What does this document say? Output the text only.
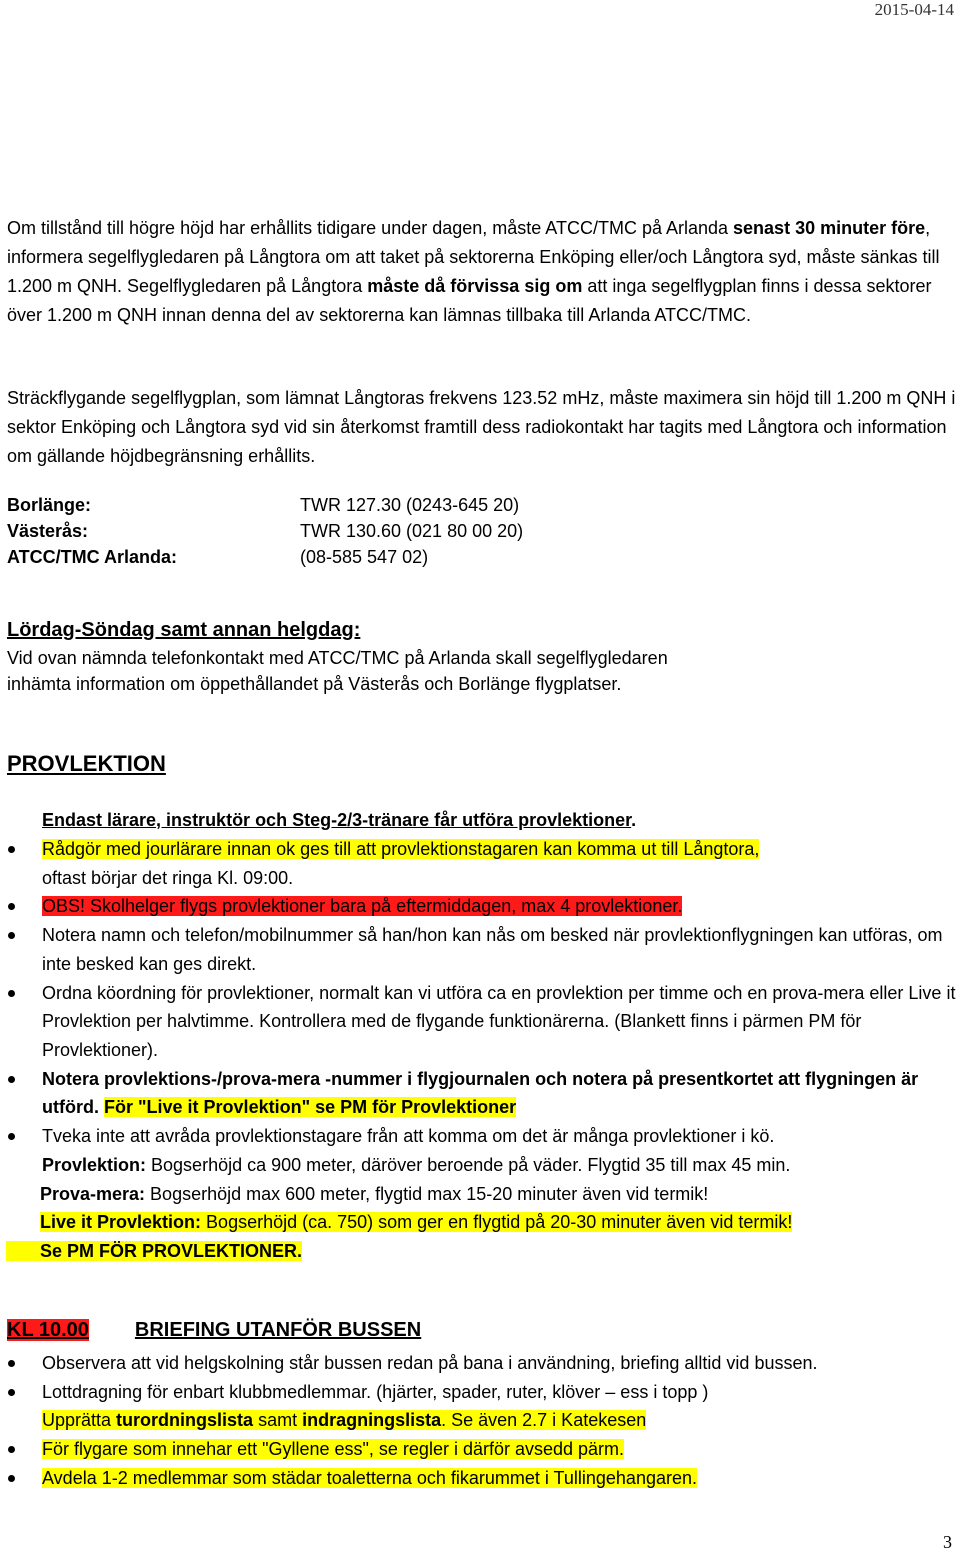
2015-04-14
Om tillstånd till högre höjd har erhållits tidigare under dagen, måste ATCC/TMC på Arlanda senast 30 minuter före, informera segelflygledaren på Långtora om att taket på sektorerna Enköping eller/och Långtora syd, måste sänkas till 1.200 m QNH. Segelflygledaren på Långtora måste då förvissa sig om att inga segelflygplan finns i dessa sektorer över 1.200 m QNH innan denna del av sektorerna kan lämnas tillbaka till Arlanda ATCC/TMC.
Sträckflygande segelflygplan, som lämnat Långtoras frekvens 123.52 mHz, måste maximera sin höjd till 1.200 m QNH i sektor Enköping och Långtora syd vid sin återkomst framtill dess radiokontakt har tagits med Långtora och information om gällande höjdbegränsning erhållits.
Borlänge:	TWR 127.30 (0243-645 20)
Västerås:	TWR 130.60 (021 80 00 20)
ATCC/TMC Arlanda:	(08-585 547 02)
Lördag-Söndag samt annan helgdag:
Vid ovan nämnda telefonkontakt med ATCC/TMC på Arlanda skall segelflygledaren
inhämta information om öppethållandet på Västerås och Borlänge flygplatser.
PROVLEKTION
Endast lärare, instruktör och Steg-2/3-tränare får utföra provlektioner.
Rådgör med jourlärare innan ok ges till att provlektionstagaren kan komma ut till Långtora,
oftast börjar det ringa Kl. 09:00.
OBS! Skolhelger flygs provlektioner bara på eftermiddagen, max 4 provlektioner.
Notera namn och telefon/mobilnummer så han/hon kan nås om besked när provlektionflygningen kan utföras, om inte besked kan ges direkt.
Ordna köordning för provlektioner, normalt kan vi utföra ca en provlektion per timme och en prova-mera eller Live it Provlektion per halvtimme. Kontrollera med de flygande funktionärerna. (Blankett finns i pärmen PM för Provlektioner).
Notera provlektions-/prova-mera -nummer i flygjournalen och notera på presentkortet att flygningen är utförd. För "Live it Provlektion" se PM för Provlektioner
Tveka inte att avråda provlektionstagare från att komma om det är många provlektioner i kö.
Provlektion: Bogserhöjd ca 900 meter, däröver beroende på väder. Flygtid 35 till max 45 min.
Prova-mera: Bogserhöjd max 600 meter, flygtid max 15-20 minuter även vid termik!
Live it Provlektion: Bogserhöjd (ca. 750) som ger en flygtid på 20-30 minuter även vid termik!
Se PM FÖR PROVLEKTIONER.
KL 10.00 BRIEFING UTANFÖR BUSSEN
Observera att vid helgskolning står bussen redan på bana i användning, briefing alltid vid bussen.
Lottdragning för enbart klubbmedlemmar. (hjärter, spader, ruter, klöver – ess i topp )
Upprätta turordningslista samt indragningslista. Se även 2.7 i Katekesen
För flygare som innehar ett "Gyllene ess", se regler i därför avsedd pärm.
Avdela 1-2 medlemmar som städar toaletterna och fikarummet i Tullingehangaren.
3
